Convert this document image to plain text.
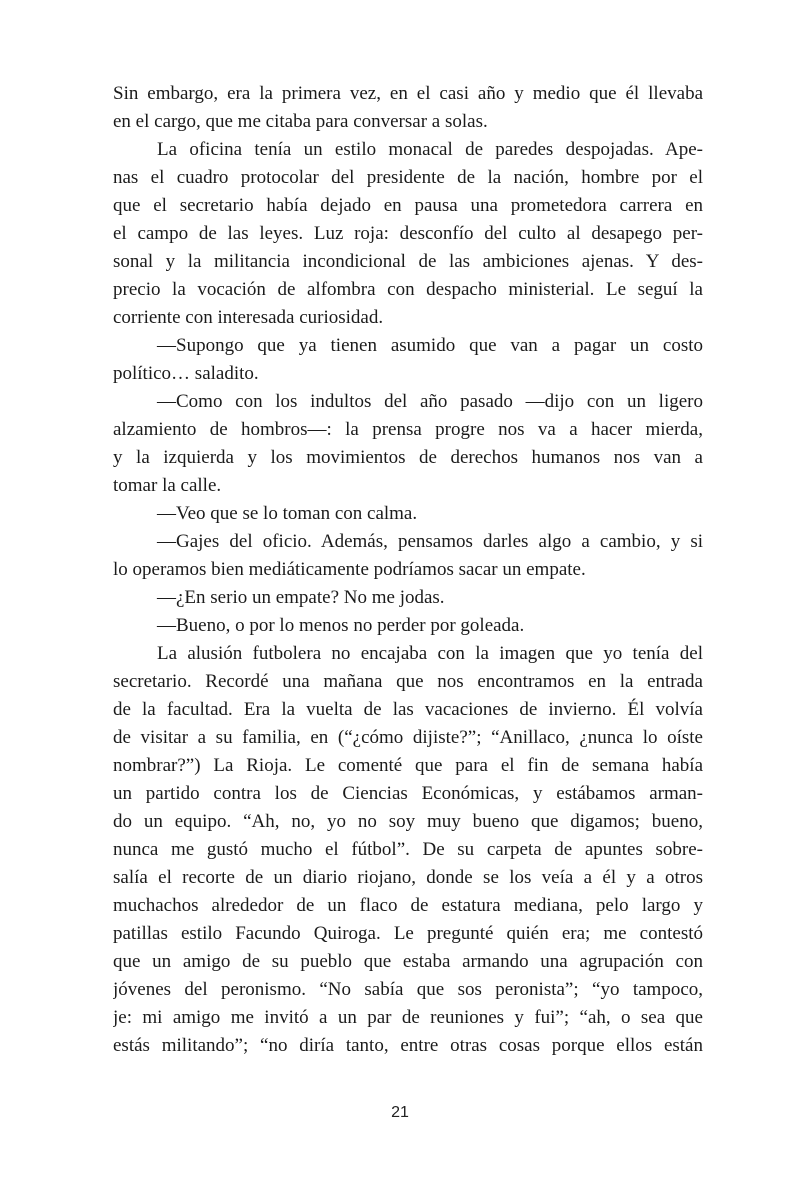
Sin embargo, era la primera vez, en el casi año y medio que él llevaba
en el cargo, que me citaba para conversar a solas.
La oficina tenía un estilo monacal de paredes despojadas. Ape-
nas el cuadro protocolar del presidente de la nación, hombre por el
que el secretario había dejado en pausa una prometedora carrera en
el campo de las leyes. Luz roja: desconfío del culto al desapego per-
sonal y la militancia incondicional de las ambiciones ajenas. Y des-
precio la vocación de alfombra con despacho ministerial. Le seguí la
corriente con interesada curiosidad.
—Supongo que ya tienen asumido que van a pagar un costo
político… saladito.
—Como con los indultos del año pasado —dijo con un ligero
alzamiento de hombros—: la prensa progre nos va a hacer mierda,
y la izquierda y los movimientos de derechos humanos nos van a
tomar la calle.
—Veo que se lo toman con calma.
—Gajes del oficio. Además, pensamos darles algo a cambio, y si
lo operamos bien mediáticamente podríamos sacar un empate.
—¿En serio un empate? No me jodas.
—Bueno, o por lo menos no perder por goleada.
La alusión futbolera no encajaba con la imagen que yo tenía del
secretario. Recordé una mañana que nos encontramos en la entrada
de la facultad. Era la vuelta de las vacaciones de invierno. Él volvía
de visitar a su familia, en (“¿cómo dijiste?”; “Anillaco, ¿nunca lo oíste
nombrar?”) La Rioja. Le comenté que para el fin de semana había
un partido contra los de Ciencias Económicas, y estábamos arman-
do un equipo. “Ah, no, yo no soy muy bueno que digamos; bueno,
nunca me gustó mucho el fútbol”. De su carpeta de apuntes sobre-
salía el recorte de un diario riojano, donde se los veía a él y a otros
muchachos alrededor de un flaco de estatura mediana, pelo largo y
patillas estilo Facundo Quiroga. Le pregunté quién era; me contestó
que un amigo de su pueblo que estaba armando una agrupación con
jóvenes del peronismo. “No sabía que sos peronista”; “yo tampoco,
je: mi amigo me invitó a un par de reuniones y fui”; “ah, o sea que
estás militando”; “no diría tanto, entre otras cosas porque ellos están
21
